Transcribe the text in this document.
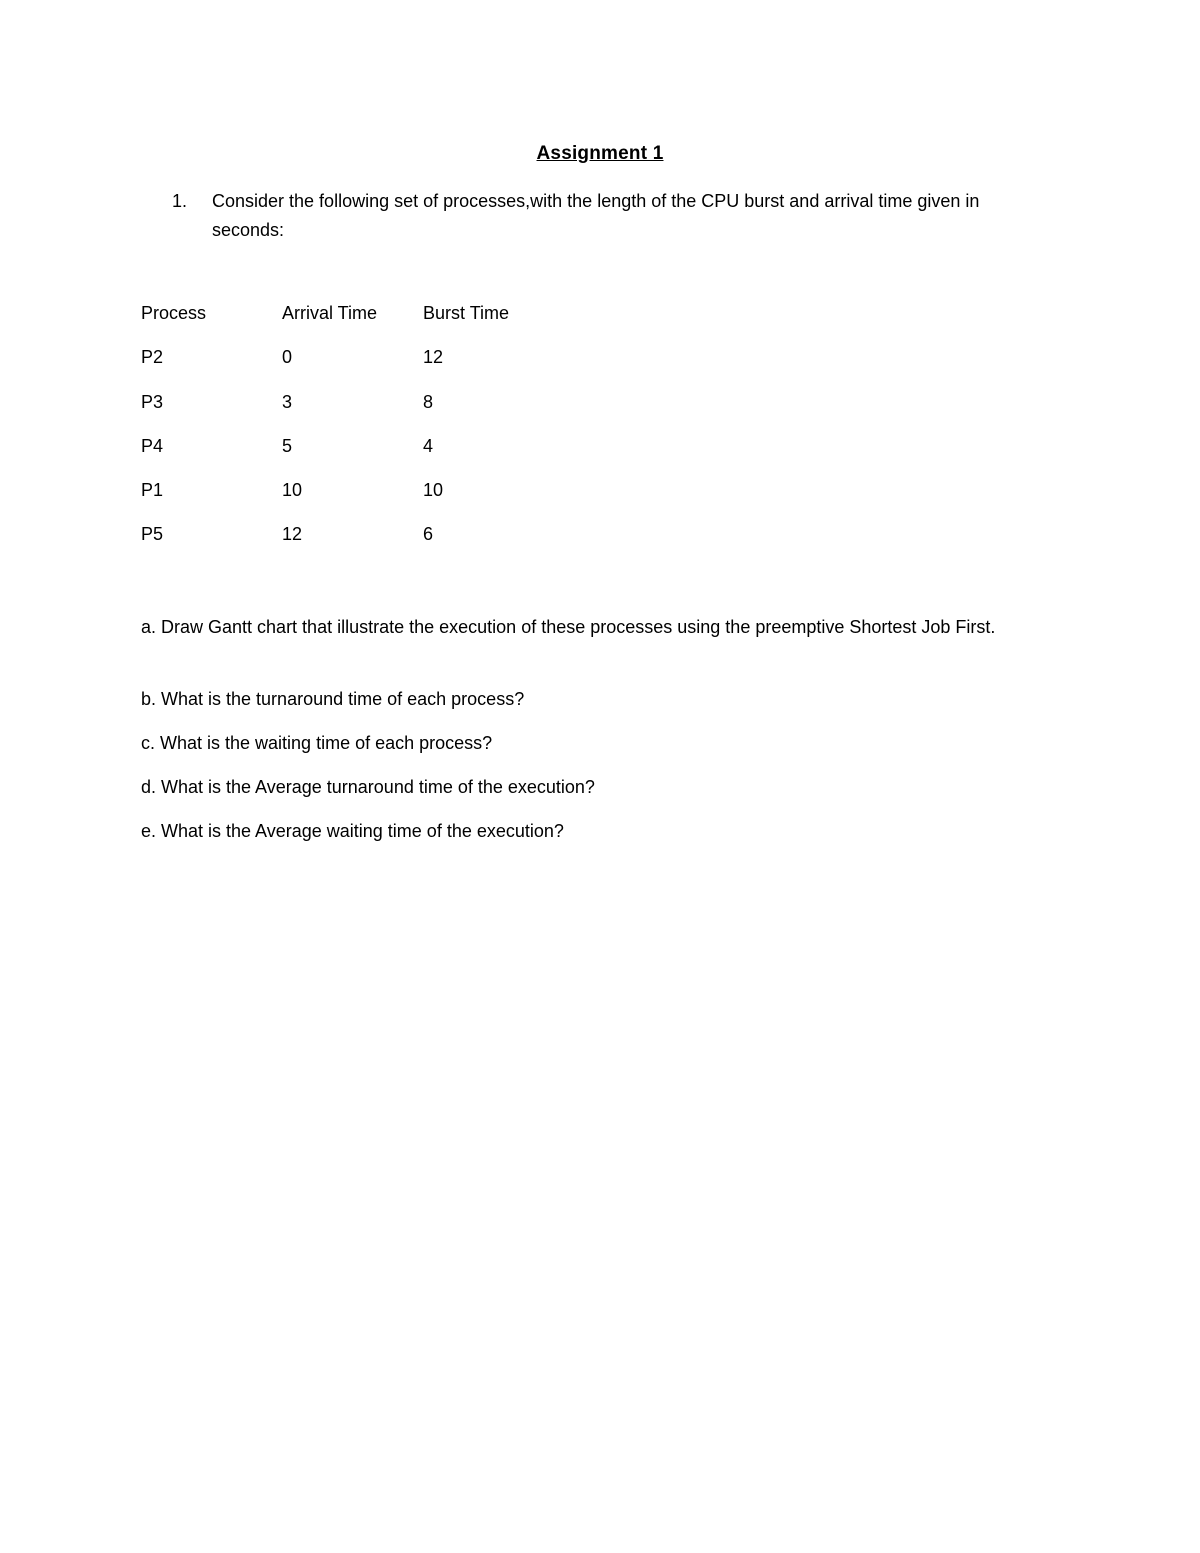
Assignment 1
1. Consider the following set of processes,with the length of the CPU burst and arrival time given in seconds:
Process	Arrival Time	Burst Time
P2	0	12
P3	3	8
P4	5	4
P1	10	10
P5	12	6
a. Draw Gantt chart that illustrate the execution of these processes using the preemptive Shortest Job First.
b. What is the turnaround time of each process?
c. What is the waiting time of each process?
d. What is the Average turnaround time of the execution?
e. What is the Average waiting time of the execution?
